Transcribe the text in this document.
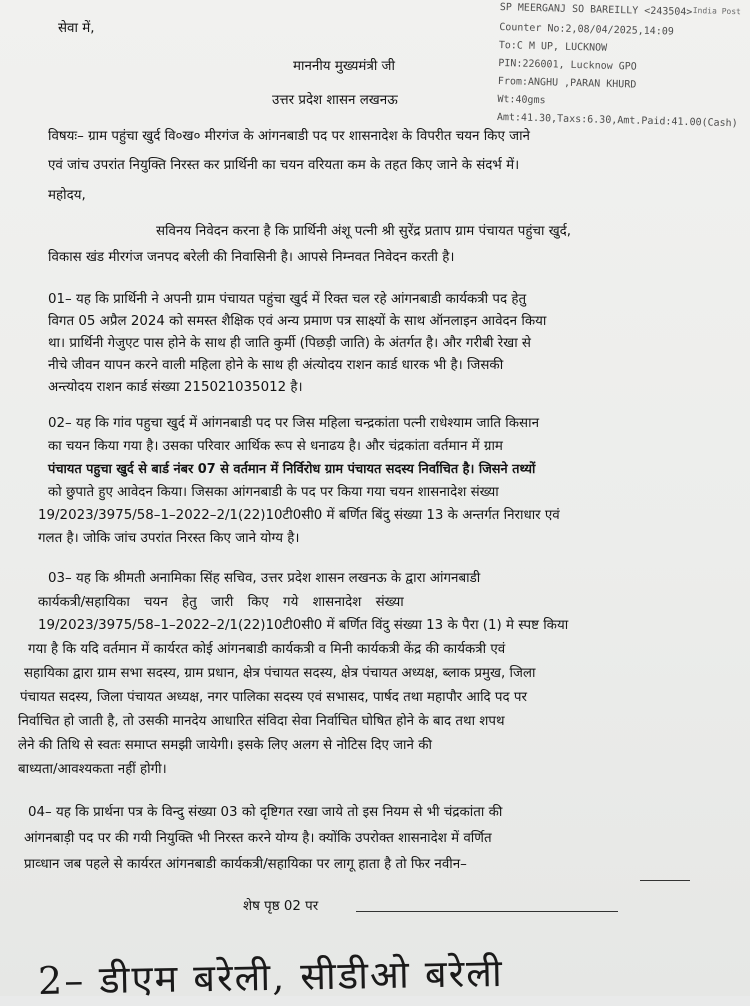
SP MEERGANJ SO BAREILLY <243504> India Post
Counter No:2,08/04/2025,14:09
To:C M UP, LUCKNOW
PIN:226001, Lucknow GPO
From:ANGHU ,PARAN KHURD
Wt:40gms
Amt:41.30,Taxs:6.30,Amt.Paid:41.00(Cash)
सेवा में,
माननीय मुख्यमंत्री जी
उत्तर प्रदेश शासन लखनऊ
विषयः– ग्राम पहुंचा खुर्द वि०ख० मीरगंज के आंगनबाडी पद पर शासनादेश के विपरीत चयन किए जाने
एवं जांच उपरांत नियुक्ति निरस्त कर प्रार्थिनी का चयन वरियता कम के तहत किए जाने के संदर्भ में।
महोदय,
सविनय निवेदन करना है कि प्रार्थिनी अंशू पत्नी श्री सुरेंद्र प्रताप ग्राम पंचायत पहुंचा खुर्द,
विकास खंड मीरगंज जनपद बरेली की निवासिनी है। आपसे निम्नवत निवेदन करती है।
01– यह कि प्रार्थिनी ने अपनी ग्राम पंचायत पहुंचा खुर्द में रिक्त चल रहे आंगनबाडी कार्यकत्री पद हेतु
विगत 05 अप्रैल 2024 को समस्त शैक्षिक एवं अन्य प्रमाण पत्र साक्ष्यों के साथ ऑनलाइन आवेदन किया
था। प्रार्थिनी गेजुएट पास होने के साथ ही जाति कुर्मी (पिछड़ी जाति) के अंतर्गत है। और गरीबी रेखा से
नीचे जीवन यापन करने वाली महिला होने के साथ ही अंत्योदय राशन कार्ड धारक भी है। जिसकी
अन्त्योदय राशन कार्ड संख्या 215021035012 है।
02– यह कि गांव पहुचा खुर्द में आंगनबाडी पद पर जिस महिला चन्द्रकांता पत्नी राधेश्याम जाति किसान
का चयन किया गया है। उसका परिवार आर्थिक रूप से धनाढय है। और चंद्रकांता वर्तमान में ग्राम
पंचायत पहुचा खुर्द से बार्ड नंबर 07 से वर्तमान में निर्विरोध ग्राम पंचायत सदस्य निर्वाचित है। जिसने तथ्यों
को छुपाते हुए आवेदन किया। जिसका आंगनबाडी के पद पर किया गया चयन शासनादेश संख्या
19/2023/3975/58–1–2022–2/1(22)10टी0सी0 में बर्णित बिंदु संख्या 13 के अन्तर्गत निराधार एवं
गलत है। जोकि जांच उपरांत निरस्त किए जाने योग्य है।
03– यह कि श्रीमती अनामिका सिंह सचिव, उत्तर प्रदेश शासन लखनऊ के द्वारा आंगनबाडी
कार्यकत्री/सहायिका चयन हेतु जारी किए गये शासनादेश संख्या
19/2023/3975/58–1–2022–2/1(22)10टी0सी0 में बर्णित विंदु संख्या 13 के पैरा (1) मे स्पष्ट किया
गया है कि यदि वर्तमान में कार्यरत कोई आंगनबाडी कार्यकत्री व मिनी कार्यकत्री केंद्र की कार्यकत्री एवं
सहायिका द्वारा ग्राम सभा सदस्य, ग्राम प्रधान, क्षेत्र पंचायत सदस्य, क्षेत्र पंचायत अध्यक्ष, ब्लाक प्रमुख, जिला
पंचायत सदस्य, जिला पंचायत अध्यक्ष, नगर पालिका सदस्य एवं सभासद, पार्षद तथा महापौर आदि पद पर
निर्वाचित हो जाती है, तो उसकी मानदेय आधारित संविदा सेवा निर्वाचित घोषित होने के बाद तथा शपथ
लेने की तिथि से स्वतः समाप्त समझी जायेगी। इसके लिए अलग से नोटिस दिए जाने की
बाध्यता/आवश्यकता नहीं होगी।
04– यह कि प्रार्थना पत्र के विन्दु संख्या 03 को दृष्टिगत रखा जाये तो इस नियम से भी चंद्रकांता की
आंगनबाड़ी पद पर की गयी नियुक्ति भी निरस्त करने योग्य है। क्योंकि उपरोक्त शासनादेश में वर्णित
प्राव्धान जब पहले से कार्यरत आंगनबाडी कार्यकत्री/सहायिका पर लागू हाता है तो फिर नवीन–
शेष पृष्ठ 02 पर
2– डीएम बरेली, सीडीओ बरेली
